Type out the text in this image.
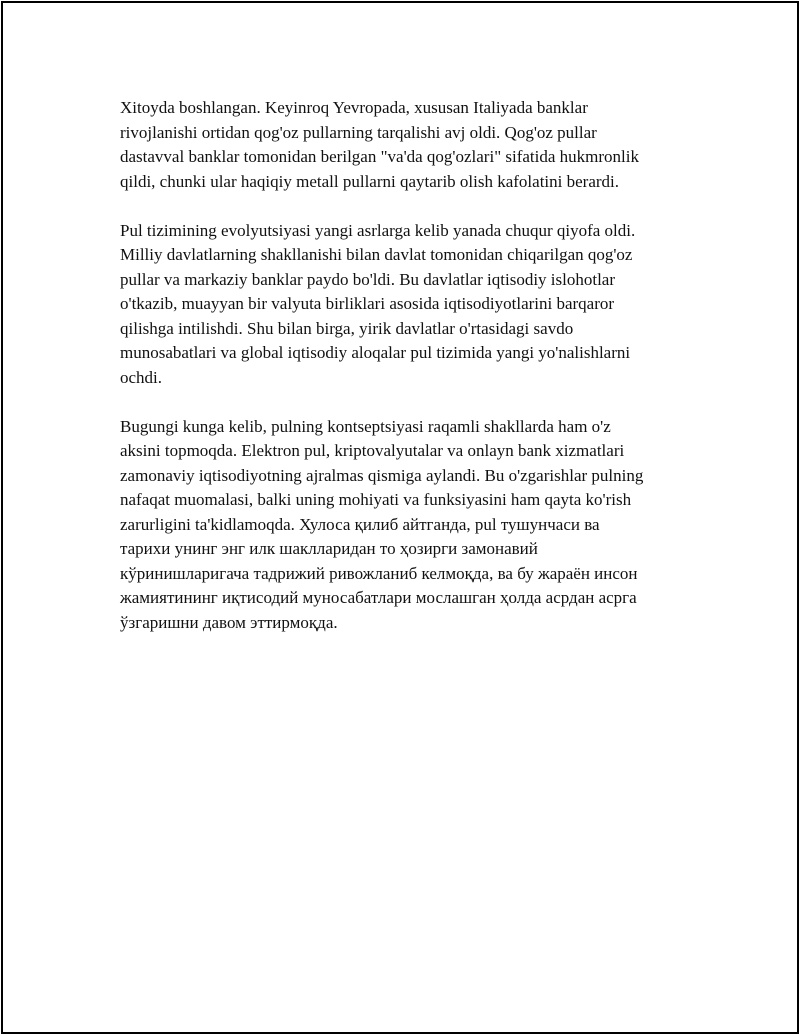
Xitoyda boshlangan. Keyinroq Yevropada, xususan Italiyada banklar
rivojlanishi ortidan qog'oz pullarning tarqalishi avj oldi. Qog'oz pullar
dastavval banklar tomonidan berilgan "va'da qog'ozlari" sifatida hukmronlik
qildi, chunki ular haqiqiy metall pullarni qaytarib olish kafolatini berardi.

Pul tizimining evolyutsiyasi yangi asrlarga kelib yanada chuqur qiyofa oldi.
Milliy davlatlarning shakllanishi bilan davlat tomonidan chiqarilgan qog'oz
pullar va markaziy banklar paydo bo'ldi. Bu davlatlar iqtisodiy islohotlar
o'tkazib, muayyan bir valyuta birliklari asosida iqtisodiyotlarini barqaror
qilishga intilishdi. Shu bilan birga, yirik davlatlar o'rtasidagi savdo
munosabatlari va global iqtisodiy aloqalar pul tizimida yangi yo'nalishlarni
ochdi.

Bugungi kunga kelib, pulning kontseptsiyasi raqamli shakllarda ham o'z
aksini topmoqda. Elektron pul, kriptovalyutalar va onlayn bank xizmatlari
zamonaviy iqtisodiyotning ajralmas qismiga aylandi. Bu o'zgarishlar pulning
nafaqat muomalasi, balki uning mohiyati va funksiyasini ham qayta ko'rish
zarurligini ta'kidlamoqda. Хулоса қилиб айтганда, pul тушунчаси ва
тарихи унинг энг илк шаклларидан то ҳозирги замонавий
кўринишларигача тадрижий ривожланиб келмоқда, ва бу жараён инсон
жамиятининг иқтисодий муносабатлари мослашган ҳолда асрдан асрга
ўзгаришни давом эттирмоқда.
